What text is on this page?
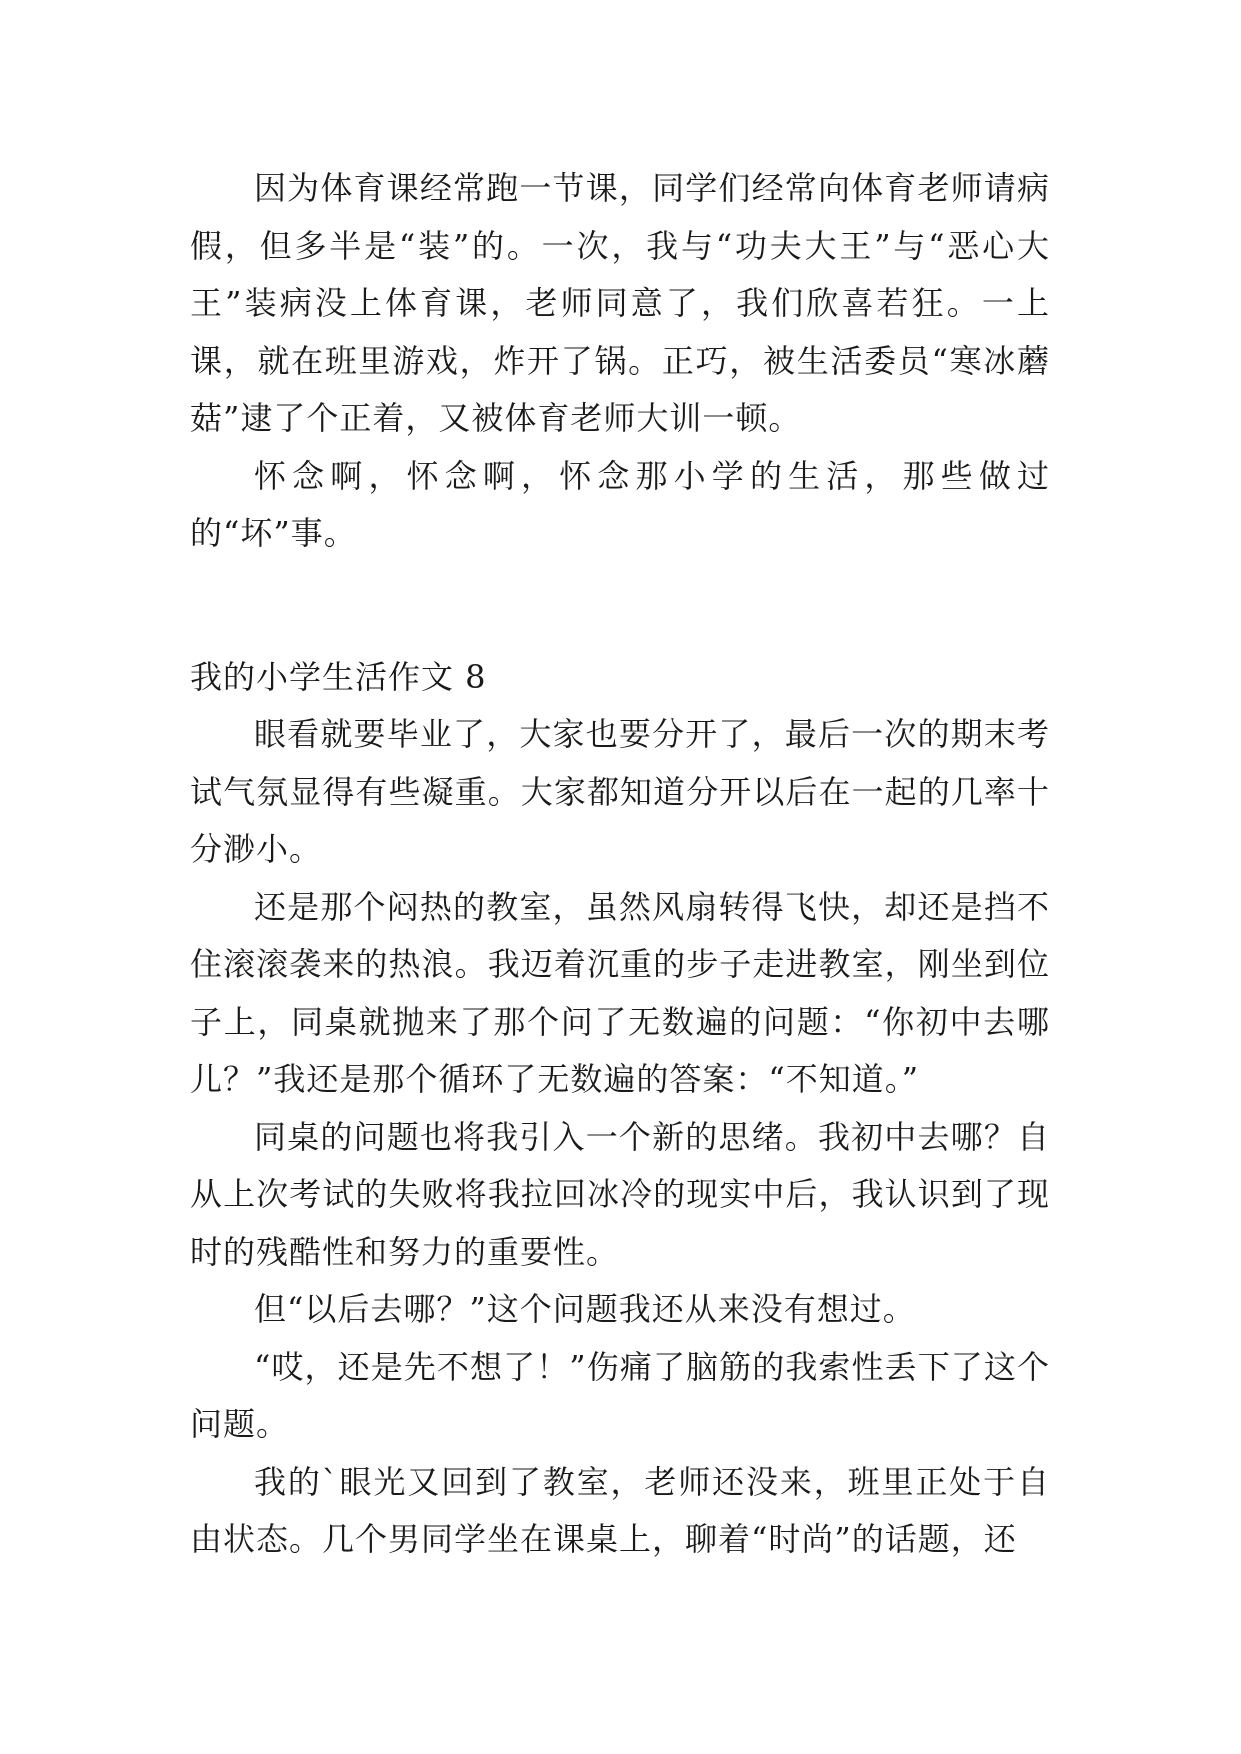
因为体育课经常跑一节课，同学们经常向体育老师请病假，但多半是“装”的。一次，我与“功夫大王”与“恶心大王”装病没上体育课，老师同意了，我们欣喜若狂。一上课，就在班里游戏，炸开了锅。正巧，被生活委员“寒冰蘑菇”逮了个正着，又被体育老师大训一顿。

怀念啊，怀念啊，怀念那小学的生活，那些做过的“坏”事。

我的小学生活作文 8

眼看就要毕业了，大家也要分开了，最后一次的期末考试气氛显得有些凝重。大家都知道分开以后在一起的几率十分渺小。

还是那个闷热的教室，虽然风扇转得飞快，却还是挡不住滚滚袭来的热浪。我迈着沉重的步子走进教室，刚坐到位子上，同桌就抛来了那个问了无数遍的问题：“你初中去哪儿？”我还是那个循环了无数遍的答案：“不知道。”

同桌的问题也将我引入一个新的思绪。我初中去哪？自从上次考试的失败将我拉回冰冷的现实中后，我认识到了现时的残酷性和努力的重要性。

但“以后去哪？”这个问题我还从来没有想过。

“哎，还是先不想了！”伤痛了脑筋的我索性丢下了这个问题。

我的`眼光又回到了教室，老师还没来，班里正处于自由状态。几个男同学坐在课桌上，聊着“时尚”的话题，还
